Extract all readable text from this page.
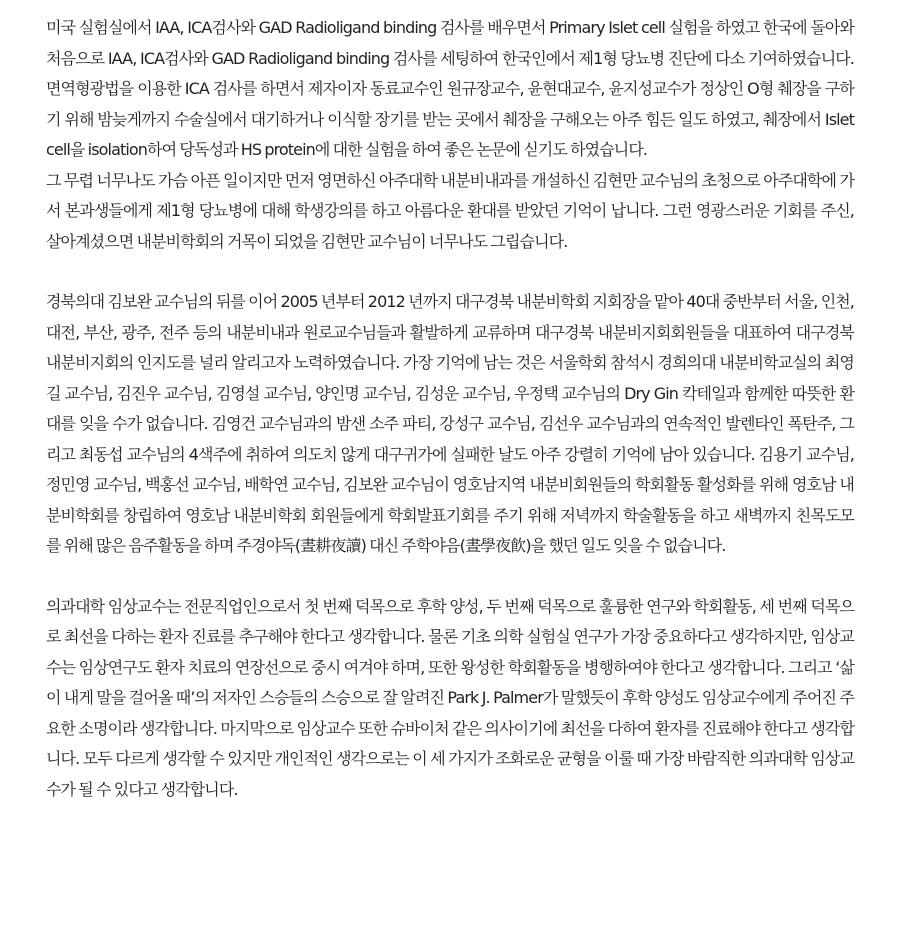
미국 실험실에서 IAA, ICA검사와 GAD Radioligand binding 검사를 배우면서 Primary Islet cell 실험을 하였고 한국에 돌아와 처음으로 IAA, ICA검사와 GAD Radioligand binding 검사를 세팅하여 한국인에서 제1형 당뇨병 진단에 다소 기여하였습니다. 면역형광법을 이용한 ICA 검사를 하면서 제자이자 동료교수인 원규장교수, 윤현대교수, 윤지성교수가 정상인 O형 췌장을 구하기 위해 밤늦게까지 수술실에서 대기하거나 이식할 장기를 받는 곳에서 췌장을 구해오는 아주 힘든 일도 하였고, 췌장에서 Islet cell을 isolation하여 당독성과 HS protein에 대한 실험을 하여 좋은 논문에 싣기도 하였습니다.

그 무렵 너무나도 가슴 아픈 일이지만 먼저 영면하신 아주대학 내분비내과를 개설하신 김현만 교수님의 초청으로 아주대학에 가서 본과생들에게 제1형 당뇨병에 대해 학생강의를 하고 아름다운 환대를 받았던 기억이 납니다. 그런 영광스러운 기회를 주신, 살아계셨으면 내분비학회의 거목이 되었을 김현만 교수님이 너무나도 그립습니다.

경북의대 김보완 교수님의 뒤를 이어 2005 년부터 2012 년까지 대구경북 내분비학회 지회장을 맡아 40대 중반부터 서울, 인천, 대전, 부산, 광주, 전주 등의 내분비내과 원로교수님들과 활발하게 교류하며 대구경북 내분비지회회원들을 대표하여 대구경북 내분비지회의 인지도를 널리 알리고자 노력하였습니다. 가장 기억에 남는 것은 서울학회 참석시 경희의대 내분비학교실의 최영길 교수님, 김진우 교수님, 김영설 교수님, 양인명 교수님, 김성운 교수님, 우정택 교수님의 Dry Gin 칵테일과 함께한 따뜻한 환대를 잊을 수가 없습니다. 김영건 교수님과의 밤샌 소주 파티, 강성구 교수님, 김선우 교수님과의 연속적인 발렌타인 폭탄주, 그리고 최동섭 교수님의 4색주에 취하여 의도치 않게 대구귀가에 실패한 날도 아주 강렬히 기억에 남아 있습니다. 김용기 교수님, 정민영 교수님, 백홍선 교수님, 배학연 교수님, 김보완 교수님이 영호남지역 내분비회원들의 학회활동 활성화를 위해 영호남 내분비학회를 창립하여 영호남 내분비학회 회원들에게 학회발표기회를 주기 위해 저녁까지 학술활동을 하고 새벽까지 친목도모를 위해 많은 음주활동을 하며 주경야독(晝耕夜讀) 대신 주학야음(晝學夜飮)을 했던 일도 잊을 수 없습니다.

의과대학 임상교수는 전문직업인으로서 첫 번째 덕목으로 후학 양성, 두 번째 덕목으로 훌륭한 연구와 학회활동, 세 번째 덕목으로 최선을 다하는 환자 진료를 추구해야 한다고 생각합니다. 물론 기초 의학 실험실 연구가 가장 중요하다고 생각하지만, 임상교수는 임상연구도 환자 치료의 연장선으로 중시 여겨야 하며, 또한 왕성한 학회활동을 병행하여야 한다고 생각합니다. 그리고 ‘삶이 내게 말을 걸어올 때’의 저자인 스승들의 스승으로 잘 알려진 Park J. Palmer가 말했듯이 후학 양성도 임상교수에게 주어진 주요한 소명이라 생각합니다. 마지막으로 임상교수 또한 슈바이처 같은 의사이기에 최선을 다하여 환자를 진료해야 한다고 생각합니다. 모두 다르게 생각할 수 있지만 개인적인 생각으로는 이 세 가지가 조화로운 균형을 이룰 때 가장 바람직한 의과대학 임상교수가 될 수 있다고 생각합니다.
